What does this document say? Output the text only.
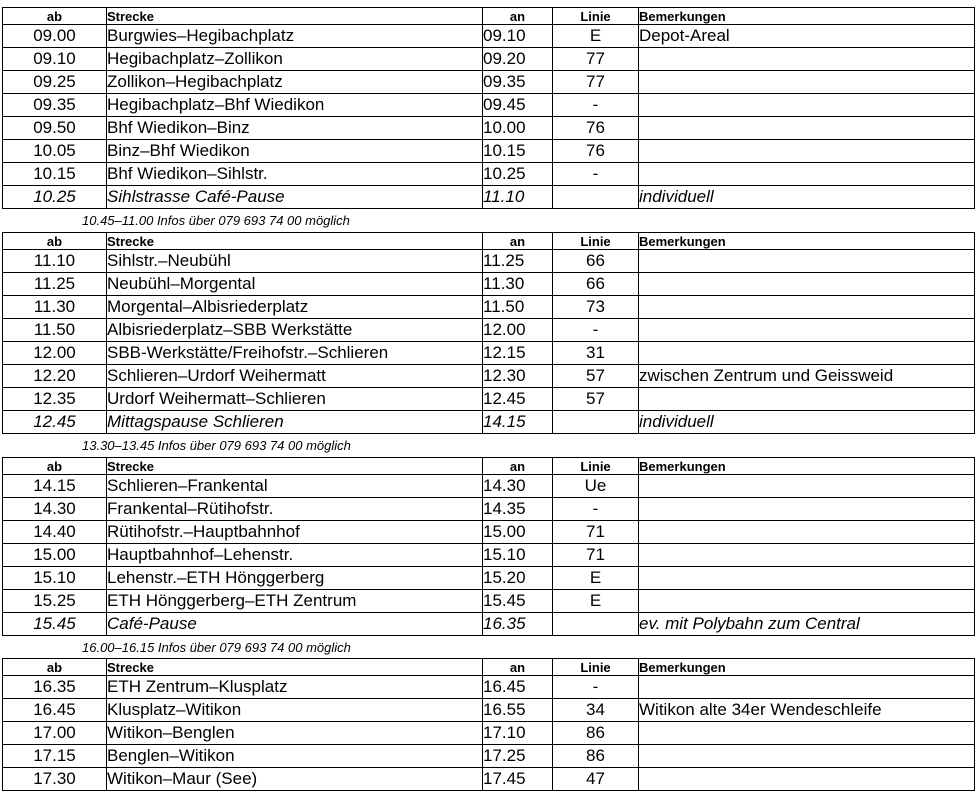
ab	Strecke	an	Linie	Bemerkungen
09.00	Burgwies–Hegibachplatz	09.10	E	Depot-Areal
09.10	Hegibachplatz–Zollikon	09.20	77	
09.25	Zollikon–Hegibachplatz	09.35	77	
09.35	Hegibachplatz–Bhf Wiedikon	09.45	-	
09.50	Bhf Wiedikon–Binz	10.00	76	
10.05	Binz–Bhf Wiedikon	10.15	76	
10.15	Bhf Wiedikon–Sihlstr.	10.25	-	
10.25	Sihlstrasse Café-Pause	11.10		individuell
10.45–11.00 Infos über 079 693 74 00 möglich
ab	Strecke	an	Linie	Bemerkungen
11.10	Sihlstr.–Neubühl	11.25	66	
11.25	Neubühl–Morgental	11.30	66	
11.30	Morgental–Albisriederplatz	11.50	73	
11.50	Albisriederplatz–SBB Werkstätte	12.00	-	
12.00	SBB-Werkstätte/Freihofstr.–Schlieren	12.15	31	
12.20	Schlieren–Urdorf Weihermatt	12.30	57	zwischen Zentrum und Geissweid
12.35	Urdorf Weihermatt–Schlieren	12.45	57	
12.45	Mittagspause Schlieren	14.15		individuell
13.30–13.45 Infos über 079 693 74 00 möglich
ab	Strecke	an	Linie	Bemerkungen
14.15	Schlieren–Frankental	14.30	Ue	
14.30	Frankental–Rütihofstr.	14.35	-	
14.40	Rütihofstr.–Hauptbahnhof	15.00	71	
15.00	Hauptbahnhof–Lehenstr.	15.10	71	
15.10	Lehenstr.–ETH Hönggerberg	15.20	E	
15.25	ETH Hönggerberg–ETH Zentrum	15.45	E	
15.45	Café-Pause	16.35		ev. mit Polybahn zum Central
16.00–16.15 Infos über 079 693 74 00 möglich
ab	Strecke	an	Linie	Bemerkungen
16.35	ETH Zentrum–Klusplatz	16.45	-	
16.45	Klusplatz–Witikon	16.55	34	Witikon alte 34er Wendeschleife
17.00	Witikon–Benglen	17.10	86	
17.15	Benglen–Witikon	17.25	86	
17.30	Witikon–Maur (See)	17.45	47	
